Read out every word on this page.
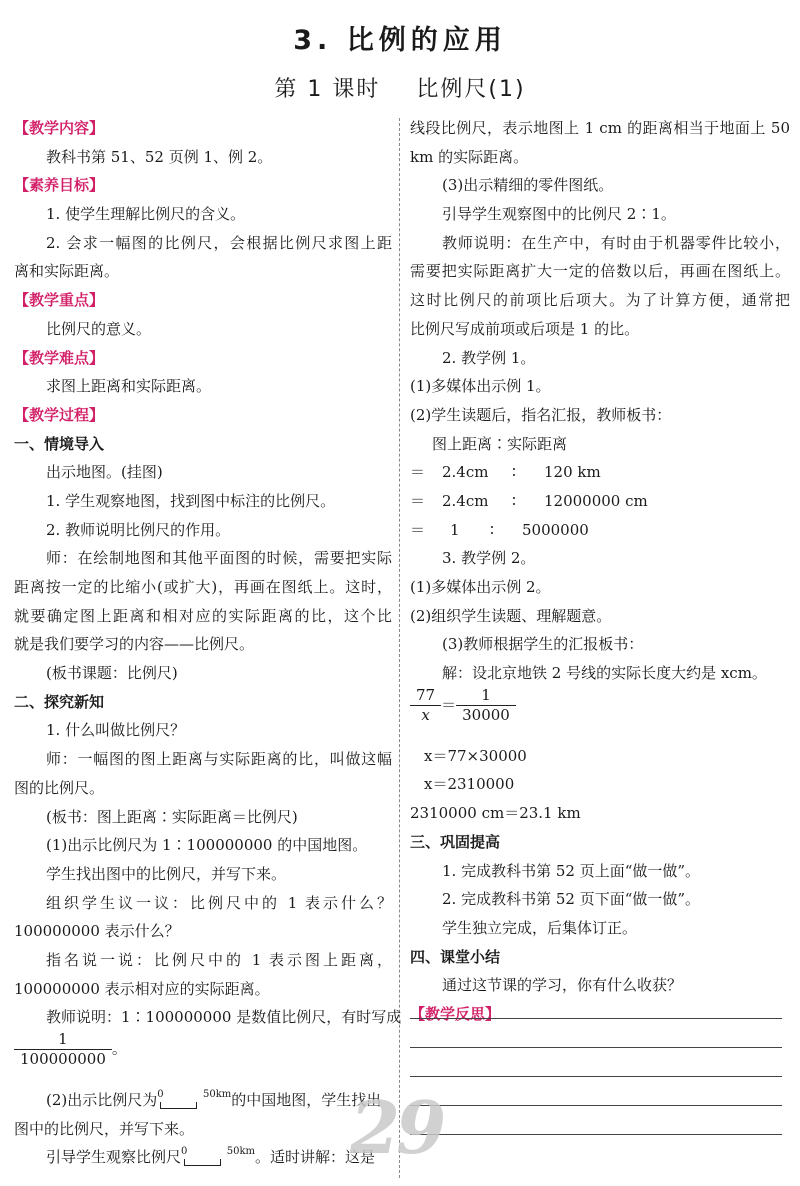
3. 比例的应用
第 1 课时 比例尺(1)
【教学内容】
教科书第 51、52 页例 1、例 2。
【素养目标】
1. 使学生理解比例尺的含义。
2. 会求一幅图的比例尺，会根据比例尺求图上距
离和实际距离。
【教学重点】
比例尺的意义。
【教学难点】
求图上距离和实际距离。
【教学过程】
一、情境导入
出示地图。(挂图)
1. 学生观察地图，找到图中标注的比例尺。
2. 教师说明比例尺的作用。
师：在绘制地图和其他平面图的时候，需要把实际
距离按一定的比缩小(或扩大)，再画在图纸上。这时，
就要确定图上距离和相对应的实际距离的比，这个比
就是我们要学习的内容——比例尺。
(板书课题：比例尺)
二、探究新知
1. 什么叫做比例尺？
师：一幅图的图上距离与实际距离的比，叫做这幅
图的比例尺。
(板书：图上距离∶实际距离＝比例尺)
(1)出示比例尺为 1∶100000000 的中国地图。
学生找出图中的比例尺，并写下来。
组织学生议一议：比例尺中的 1 表示什么？
100000000 表示什么？
指名说一说：比例尺中的 1 表示图上距离，
100000000 表示相对应的实际距离。
教师说明：1∶100000000 是数值比例尺，有时写成
$\frac{1}{100000000}$ 。
(2)出示比例尺为 0	50km 的中国地图，学生找出
图中的比例尺，并写下来。
引导学生观察比例尺 0	50km 。适时讲解：这是
线段比例尺，表示地图上 1 cm 的距离相当于地面上 50
km 的实际距离。
(3)出示精细的零件图纸。
引导学生观察图中的比例尺 2∶1。
教师说明：在生产中，有时由于机器零件比较小，
需要把实际距离扩大一定的倍数以后，再画在图纸上。
这时比例尺的前项比后项大。为了计算方便，通常把
比例尺写成前项或后项是 1 的比。
2. 教学例 1。
(1)多媒体出示例 1。
(2)学生读题后，指名汇报，教师板书：
图上距离∶实际距离
＝ 2.4cm ∶ 120 km
＝ 2.4cm ∶ 12000000 cm
＝ 1 ∶ 5000000
3. 教学例 2。
(1)多媒体出示例 2。
(2)组织学生读题、理解题意。
(3)教师根据学生的汇报板书：
解：设北京地铁 2 号线的实际长度大约是 xcm。
$\frac{77}{x} = \frac{1}{30000}$
x＝77×30000
x＝2310000
2310000 cm＝23.1 km
三、巩固提高
1. 完成教科书第 52 页上面“做一做”。
2. 完成教科书第 52 页下面“做一做”。
学生独立完成，后集体订正。
四、课堂小结
通过这节课的学习，你有什么收获？
【教学反思】
29
